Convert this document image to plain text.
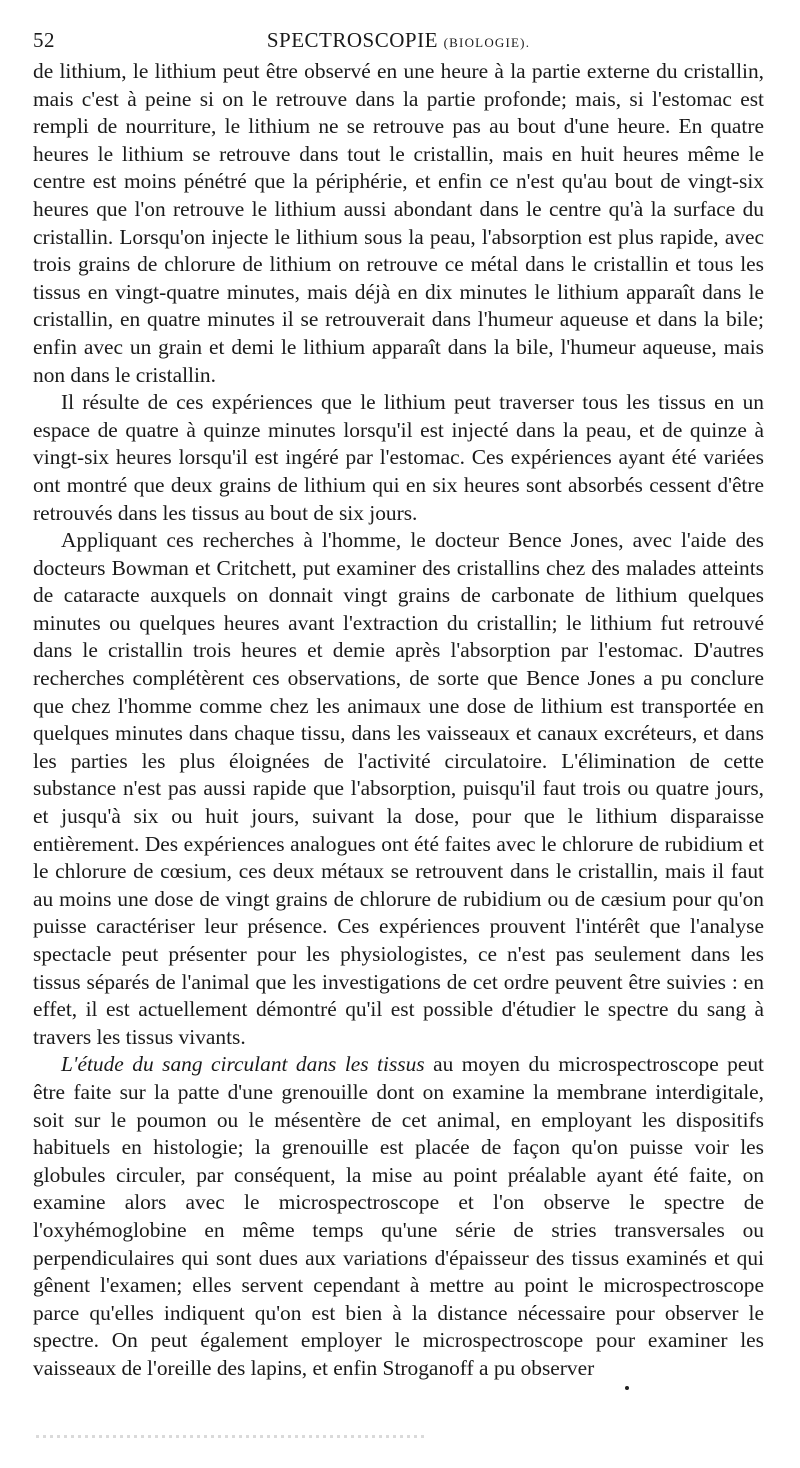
52	SPECTROSCOPIE (BIOLOGIE).

de lithium, le lithium peut être observé en une heure à la partie externe du cristallin, mais c'est à peine si on le retrouve dans la partie profonde; mais, si l'estomac est rempli de nourriture, le lithium ne se retrouve pas au bout d'une heure. En quatre heures le lithium se retrouve dans tout le cristallin, mais en huit heures même le centre est moins pénétré que la périphérie, et enfin ce n'est qu'au bout de vingt-six heures que l'on retrouve le lithium aussi abondant dans le centre qu'à la surface du cristallin. Lorsqu'on injecte le lithium sous la peau, l'absorption est plus rapide, avec trois grains de chlorure de lithium on retrouve ce métal dans le cristallin et tous les tissus en vingt-quatre minutes, mais déjà en dix minutes le lithium apparaît dans le cristallin, en quatre minutes il se retrouverait dans l'humeur aqueuse et dans la bile; enfin avec un grain et demi le lithium apparaît dans la bile, l'humeur aqueuse, mais non dans le cristallin.

Il résulte de ces expériences que le lithium peut traverser tous les tissus en un espace de quatre à quinze minutes lorsqu'il est injecté dans la peau, et de quinze à vingt-six heures lorsqu'il est ingéré par l'estomac. Ces expériences ayant été variées ont montré que deux grains de lithium qui en six heures sont absorbés cessent d'être retrouvés dans les tissus au bout de six jours.

Appliquant ces recherches à l'homme, le docteur Bence Jones, avec l'aide des docteurs Bowman et Critchett, put examiner des cristallins chez des malades atteints de cataracte auxquels on donnait vingt grains de carbonate de lithium quelques minutes ou quelques heures avant l'extraction du cristallin; le lithium fut retrouvé dans le cristallin trois heures et demie après l'absorption par l'estomac. D'autres recherches complétèrent ces observations, de sorte que Bence Jones a pu conclure que chez l'homme comme chez les animaux une dose de lithium est transportée en quelques minutes dans chaque tissu, dans les vaisseaux et canaux excréteurs, et dans les parties les plus éloignées de l'activité circulatoire. L'élimination de cette substance n'est pas aussi rapide que l'absorption, puisqu'il faut trois ou quatre jours, et jusqu'à six ou huit jours, suivant la dose, pour que le lithium disparaisse entièrement. Des expériences analogues ont été faites avec le chlorure de rubidium et le chlorure de cœsium, ces deux métaux se retrouvent dans le cristallin, mais il faut au moins une dose de vingt grains de chlorure de rubidium ou de cæsium pour qu'on puisse caractériser leur présence. Ces expériences prouvent l'intérêt que l'analyse spectacle peut présenter pour les physiologistes, ce n'est pas seulement dans les tissus séparés de l'animal que les investigations de cet ordre peuvent être suivies : en effet, il est actuellement démontré qu'il est possible d'étudier le spectre du sang à travers les tissus vivants.

L'étude du sang circulant dans les tissus au moyen du microspectroscope peut être faite sur la patte d'une grenouille dont on examine la membrane interdigitale, soit sur le poumon ou le mésentère de cet animal, en employant les dispositifs habituels en histologie; la grenouille est placée de façon qu'on puisse voir les globules circuler, par conséquent, la mise au point préalable ayant été faite, on examine alors avec le microspectroscope et l'on observe le spectre de l'oxyhémoglobine en même temps qu'une série de stries transversales ou perpendiculaires qui sont dues aux variations d'épaisseur des tissus examinés et qui gênent l'examen; elles servent cependant à mettre au point le microspectroscope parce qu'elles indiquent qu'on est bien à la distance nécessaire pour observer le spectre. On peut également employer le microspectroscope pour examiner les vaisseaux de l'oreille des lapins, et enfin Stroganoff a pu observer
